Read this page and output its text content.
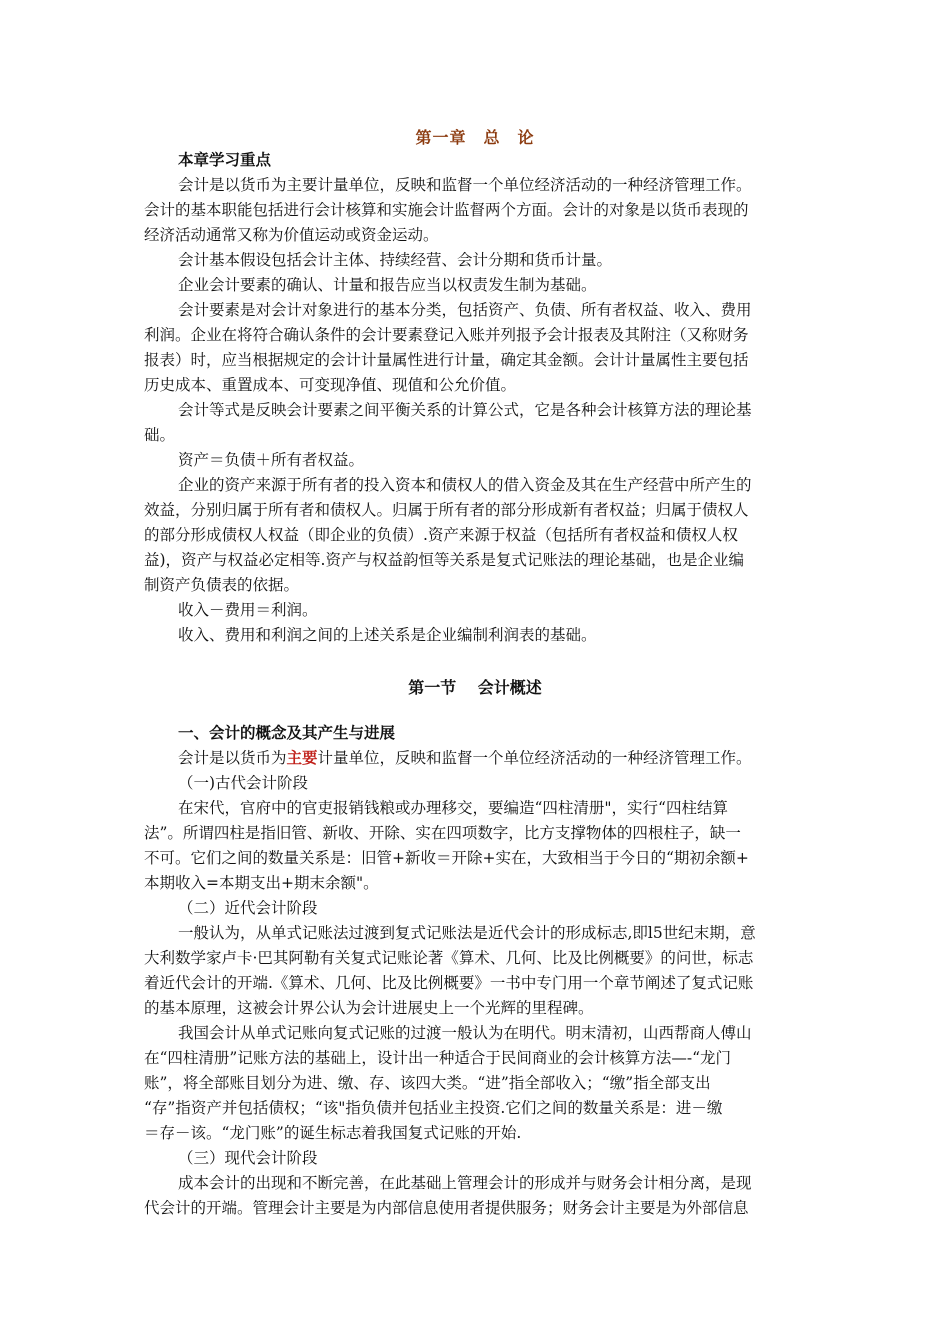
第一章　总　论
本章学习重点
会计是以货币为主要计量单位，反映和监督一个单位经济活动的一种经济管理工作。
会计的基本职能包括进行会计核算和实施会计监督两个方面。会计的对象是以货币表现的
经济活动通常又称为价值运动或资金运动。
会计基本假设包括会计主体、持续经营、会计分期和货币计量。
企业会计要素的确认、计量和报告应当以权责发生制为基础。
会计要素是对会计对象进行的基本分类，包括资产、负债、所有者权益、收入、费用
利润。企业在将符合确认条件的会计要素登记入账并列报予会计报表及其附注（又称财务
报表）时，应当根据规定的会计计量属性进行计量，确定其金额。会计计量属性主要包括
历史成本、重置成本、可变现净值、现值和公允价值。
会计等式是反映会计要素之间平衡关系的计算公式，它是各种会计核算方法的理论基
础。
资产＝负债＋所有者权益。
企业的资产来源于所有者的投入资本和债权人的借入资金及其在生产经营中所产生的
效益，分别归属于所有者和债权人。归属于所有者的部分形成新有者权益；归属于债权人
的部分形成债权人权益（即企业的负债）.资产来源于权益（包括所有者权益和债权人权
益)，资产与权益必定相等.资产与权益韵恒等关系是复式记账法的理论基础，也是企业编
制资产负债表的依据。
收入－费用＝利润。
收入、费用和利润之间的上述关系是企业编制利润表的基础。
第一节　 会计概述
一、会计的概念及其产生与进展
会计是以货币为主要计量单位，反映和监督一个单位经济活动的一种经济管理工作。
（一)古代会计阶段
在宋代，官府中的官吏报销钱粮或办理移交，要编造“四柱清册"，实行“四柱结算
法”。所谓四柱是指旧管、新收、开除、实在四项数字，比方支撑物体的四根柱子，缺一
不可。它们之间的数量关系是：旧管+新收＝开除+实在，大致相当于今日的“期初余额+
本期收入=本期支出+期末余额"。
（二）近代会计阶段
一般认为，从单式记账法过渡到复式记账法是近代会计的形成标志,即l5世纪末期，意
大利数学家卢卡·巴其阿勒有关复式记账论著《算术、几何、比及比例概要》的问世，标志
着近代会计的开端.《算术、几何、比及比例概要》一书中专门用一个章节阐述了复式记账
的基本原理，这被会计界公认为会计进展史上一个光辉的里程碑。
我国会计从单式记账向复式记账的过渡一般认为在明代。明末清初，山西帮商人傅山
在“四柱清册”记账方法的基础上，设计出一种适合于民间商业的会计核算方法—-“龙门
账”，将全部账目划分为进、缴、存、该四大类。“进”指全部收入；“缴”指全部支出
“存”指资产并包括债权；“该"指负债并包括业主投资.它们之间的数量关系是：进－缴
＝存－该。“龙门账”的诞生标志着我国复式记账的开始.
（三）现代会计阶段
成本会计的出现和不断完善，在此基础上管理会计的形成并与财务会计相分离，是现
代会计的开端。管理会计主要是为内部信息使用者提供服务；财务会计主要是为外部信息
